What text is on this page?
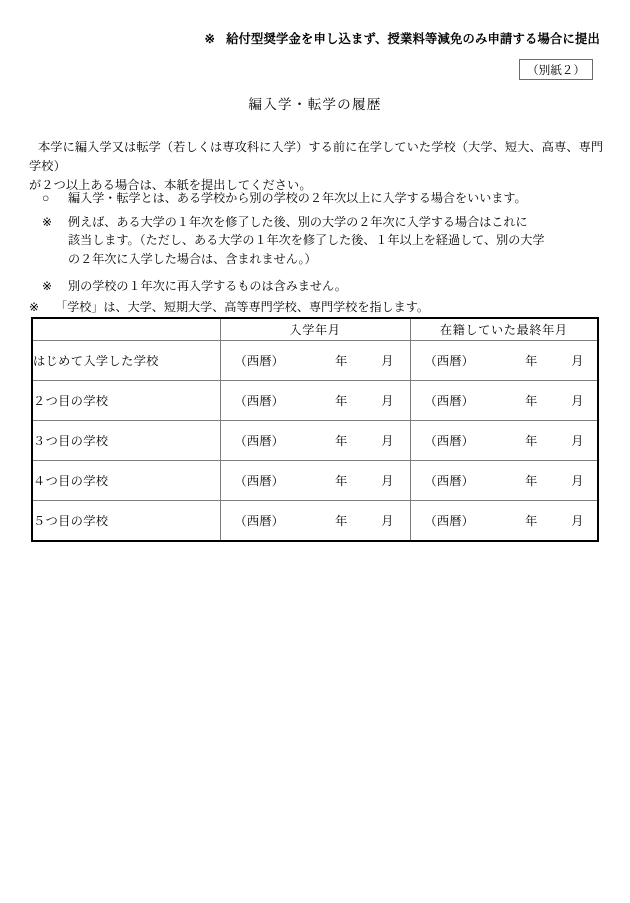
※ 給付型奨学金を申し込まず、授業料等減免のみ申請する場合に提出
（別紙２）
編入学・転学の履歴
本学に編入学又は転学（若しくは専攻科に入学）する前に在学していた学校（大学、短大、高専、専門学校）
が２つ以上ある場合は、本紙を提出してください。
○ 編入学・転学とは、ある学校から別の学校の２年次以上に入学する場合をいいます。
※ 例えば、ある大学の１年次を修了した後、別の大学の２年次に入学する場合はこれに
該当します。（ただし、ある大学の１年次を修了した後、１年以上を経過して、別の大学
の２年次に入学した場合は、含まれません。）
※ 別の学校の１年次に再入学するものは含みません。
※ 「学校」は、大学、短期大学、高等専門学校、専門学校を指します。
	入学年月	在籍していた最終年月
はじめて入学した学校	（西暦） 年 月	（西暦） 年 月

２つ目の学校	（西暦） 年 月	（西暦） 年 月

３つ目の学校	（西暦） 年 月	（西暦） 年 月

４つ目の学校	（西暦） 年 月	（西暦） 年 月

５つ目の学校	（西暦） 年 月	（西暦） 年 月
